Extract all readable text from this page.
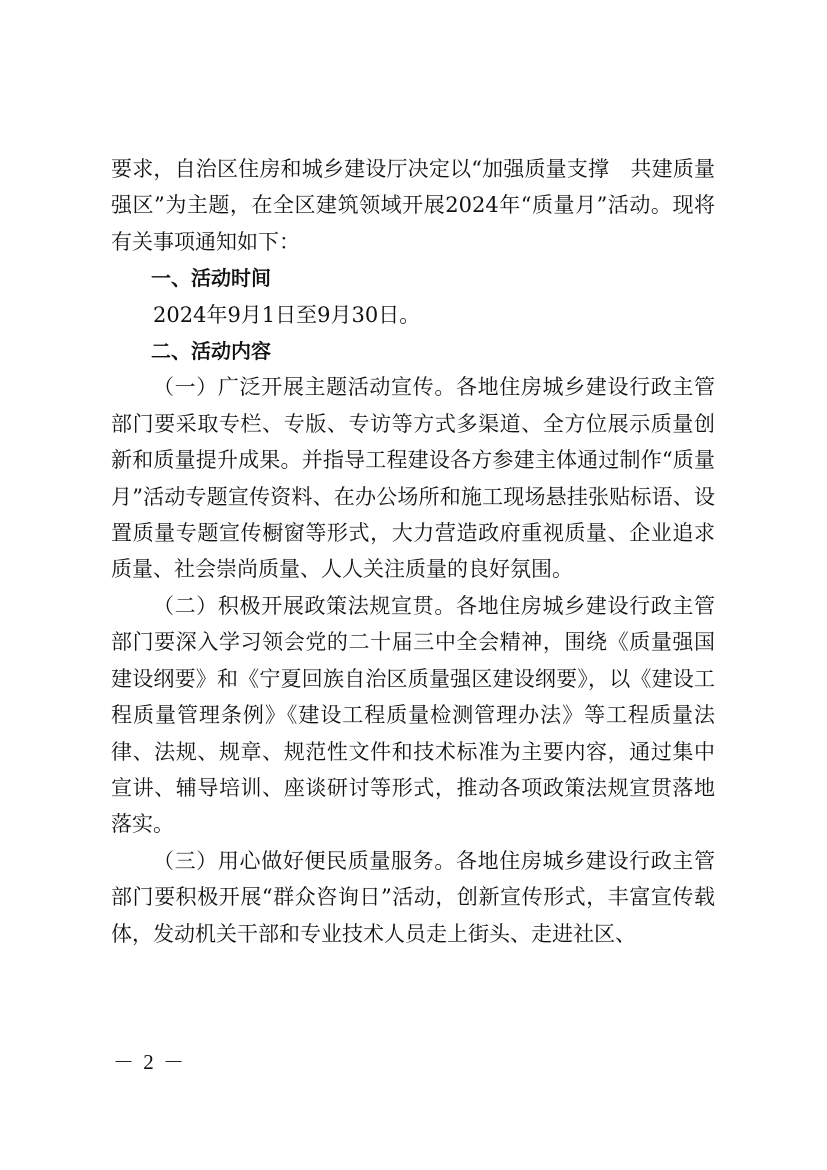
要求，自治区住房和城乡建设厅决定以“加强质量支撑　共建质量强区”为主题，在全区建筑领域开展2024年“质量月”活动。现将有关事项通知如下：

一、活动时间

2024年9月1日至9月30日。

二、活动内容

（一）广泛开展主题活动宣传。各地住房城乡建设行政主管部门要采取专栏、专版、专访等方式多渠道、全方位展示质量创新和质量提升成果。并指导工程建设各方参建主体通过制作“质量月”活动专题宣传资料、在办公场所和施工现场悬挂张贴标语、设置质量专题宣传橱窗等形式，大力营造政府重视质量、企业追求质量、社会崇尚质量、人人关注质量的良好氛围。

（二）积极开展政策法规宣贯。各地住房城乡建设行政主管部门要深入学习领会党的二十届三中全会精神，围绕《质量强国建设纲要》和《宁夏回族自治区质量强区建设纲要》，以《建设工程质量管理条例》《建设工程质量检测管理办法》等工程质量法律、法规、规章、规范性文件和技术标准为主要内容，通过集中宣讲、辅导培训、座谈研讨等形式，推动各项政策法规宣贯落地落实。

（三）用心做好便民质量服务。各地住房城乡建设行政主管部门要积极开展“群众咨询日”活动，创新宣传形式，丰富宣传载体，发动机关干部和专业技术人员走上街头、走进社区、

－ 2 －
